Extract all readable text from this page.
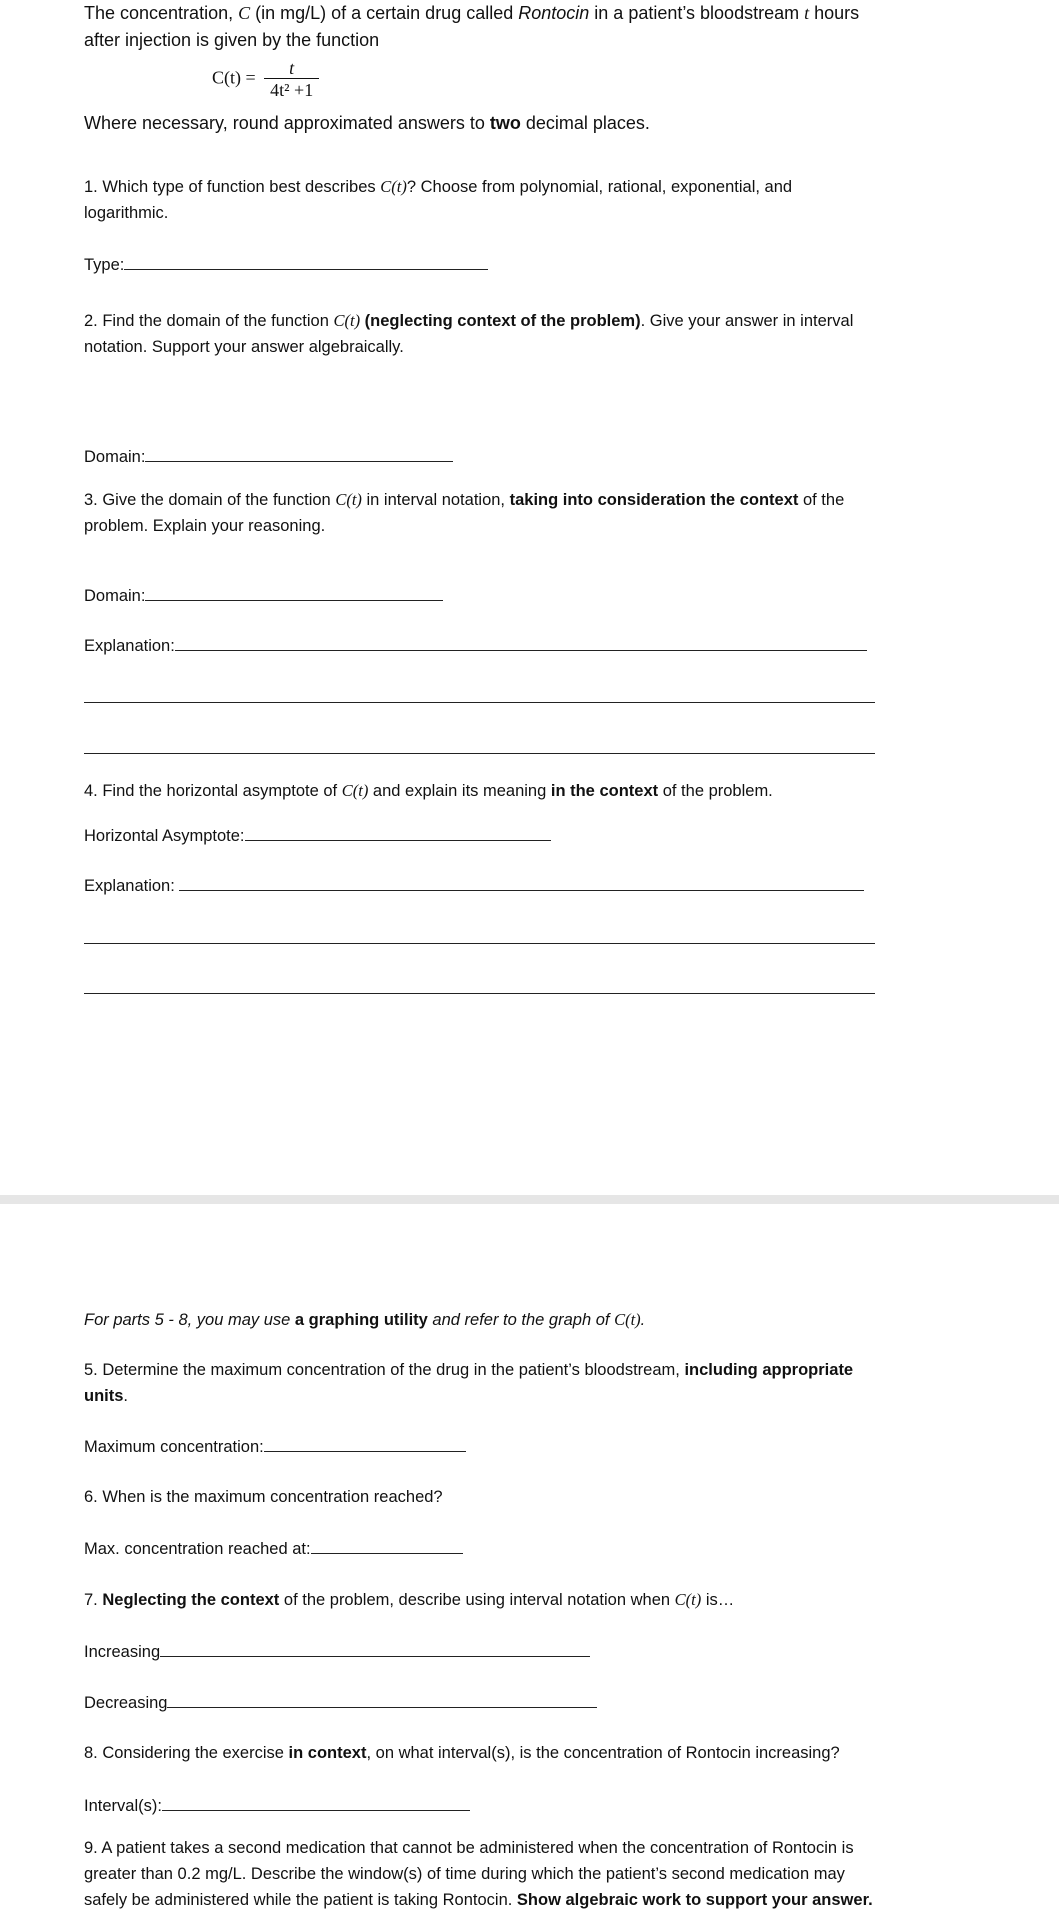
The concentration, C (in mg/L) of a certain drug called Rontocin in a patient’s bloodstream t hours
after injection is given by the function
$C(t) = \frac{t}{\text{4t² +1}}$
Where necessary, round approximated answers to two decimal places.
1. Which type of function best describes C(t)? Choose from polynomial, rational, exponential, and
logarithmic.
Type:
2. Find the domain of the function C(t) (neglecting context of the problem). Give your answer in interval
notation. Support your answer algebraically.
Domain:
3. Give the domain of the function C(t) in interval notation, taking into consideration the context of the
problem. Explain your reasoning.
Domain:
Explanation:
4. Find the horizontal asymptote of C(t) and explain its meaning in the context of the problem.
Horizontal Asymptote:
Explanation:
For parts 5 - 8, you may use a graphing utility and refer to the graph of C(t).
5. Determine the maximum concentration of the drug in the patient’s bloodstream, including appropriate
units.
Maximum concentration:
6. When is the maximum concentration reached?
Max. concentration reached at:
7. Neglecting the context of the problem, describe using interval notation when C(t) is…
Increasing
Decreasing
8. Considering the exercise in context, on what interval(s), is the concentration of Rontocin increasing?
Interval(s):
9. A patient takes a second medication that cannot be administered when the concentration of Rontocin is
greater than 0.2 mg/L. Describe the window(s) of time during which the patient’s second medication may
safely be administered while the patient is taking Rontocin. Show algebraic work to support your answer.
